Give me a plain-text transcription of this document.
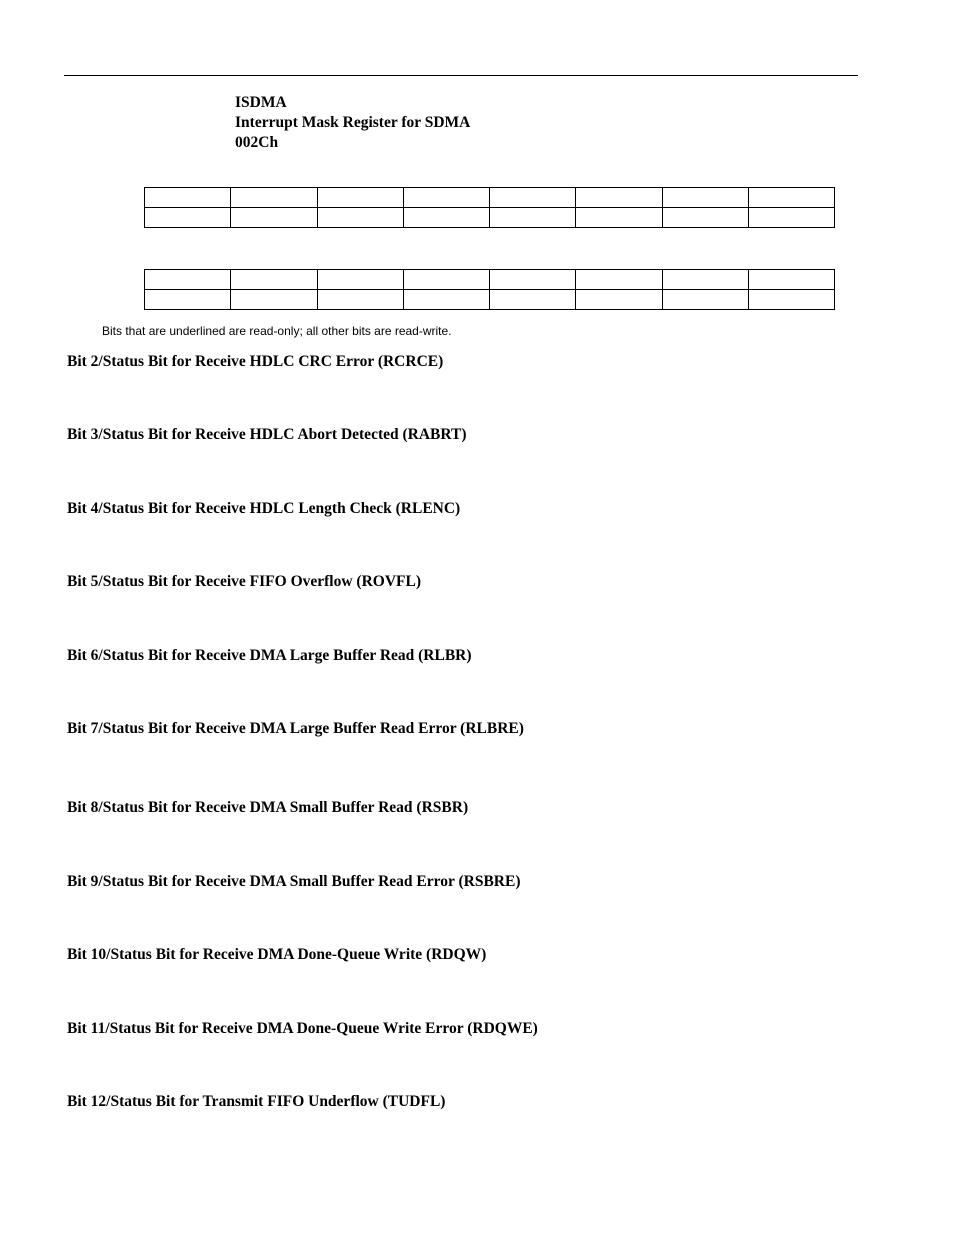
ISDMA
Interrupt Mask Register for SDMA
002Ch

Bits that are underlined are read-only; all other bits are read-write.
Bit 2/Status Bit for Receive HDLC CRC Error (RCRCE)
Bit 3/Status Bit for Receive HDLC Abort Detected (RABRT)
Bit 4/Status Bit for Receive HDLC Length Check (RLENC)
Bit 5/Status Bit for Receive FIFO Overflow (ROVFL)
Bit 6/Status Bit for Receive DMA Large Buffer Read (RLBR)
Bit 7/Status Bit for Receive DMA Large Buffer Read Error (RLBRE)
Bit 8/Status Bit for Receive DMA Small Buffer Read (RSBR)
Bit 9/Status Bit for Receive DMA Small Buffer Read Error (RSBRE)
Bit 10/Status Bit for Receive DMA Done-Queue Write (RDQW)
Bit 11/Status Bit for Receive DMA Done-Queue Write Error (RDQWE)
Bit 12/Status Bit for Transmit FIFO Underflow (TUDFL)
